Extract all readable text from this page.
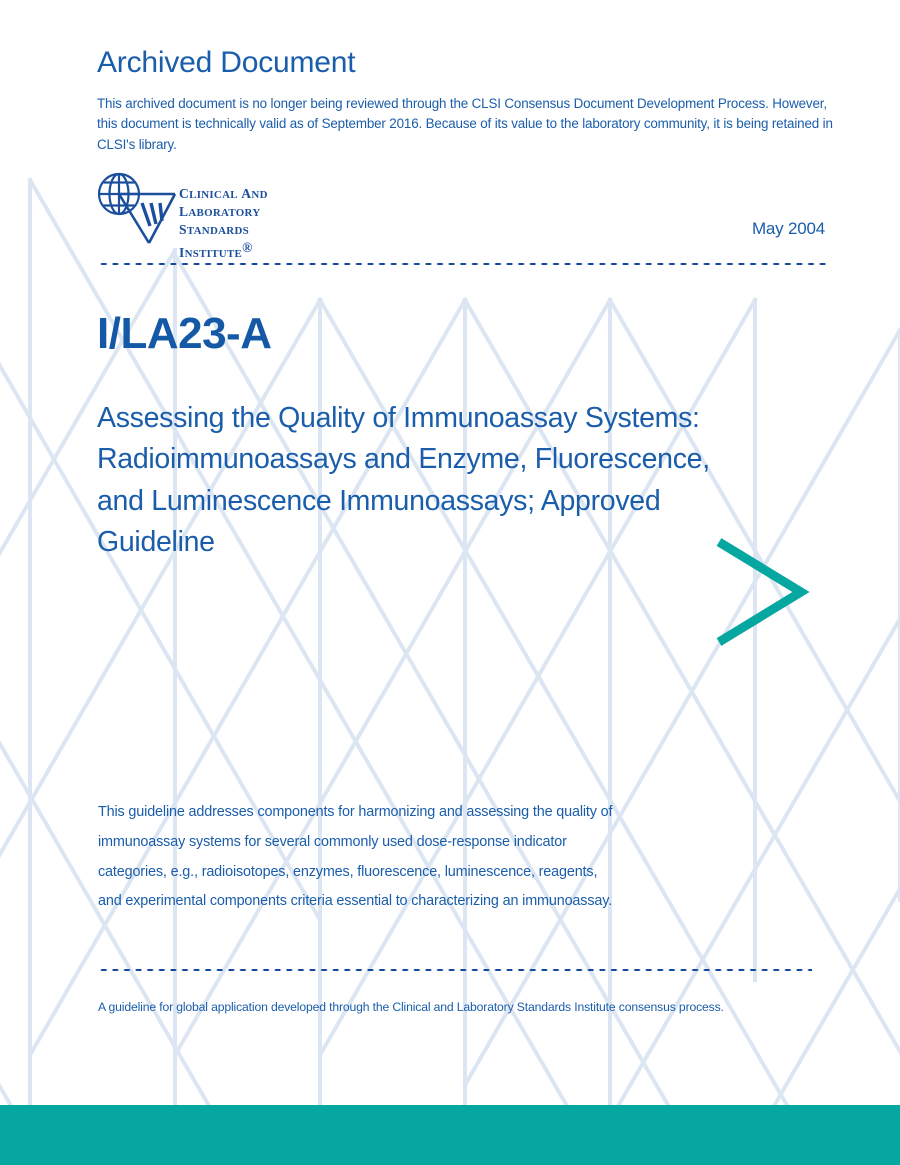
Archived Document
This archived document is no longer being reviewed through the CLSI Consensus Document Development Process. However, this document is technically valid as of September 2016. Because of its value to the laboratory community, it is being retained in CLSI's library.
CLINICAL AND
LABORATORY
STANDARDS
INSTITUTE®
May 2004
I/LA23-A
Assessing the Quality of Immunoassay Systems: Radioimmunoassays and Enzyme, Fluorescence, and Luminescence Immunoassays; Approved Guideline
This guideline addresses components for harmonizing and assessing the quality of immunoassay systems for several commonly used dose-response indicator categories, e.g., radioisotopes, enzymes, fluorescence, luminescence, reagents, and experimental components criteria essential to characterizing an immunoassay.
A guideline for global application developed through the Clinical and Laboratory Standards Institute consensus process.
